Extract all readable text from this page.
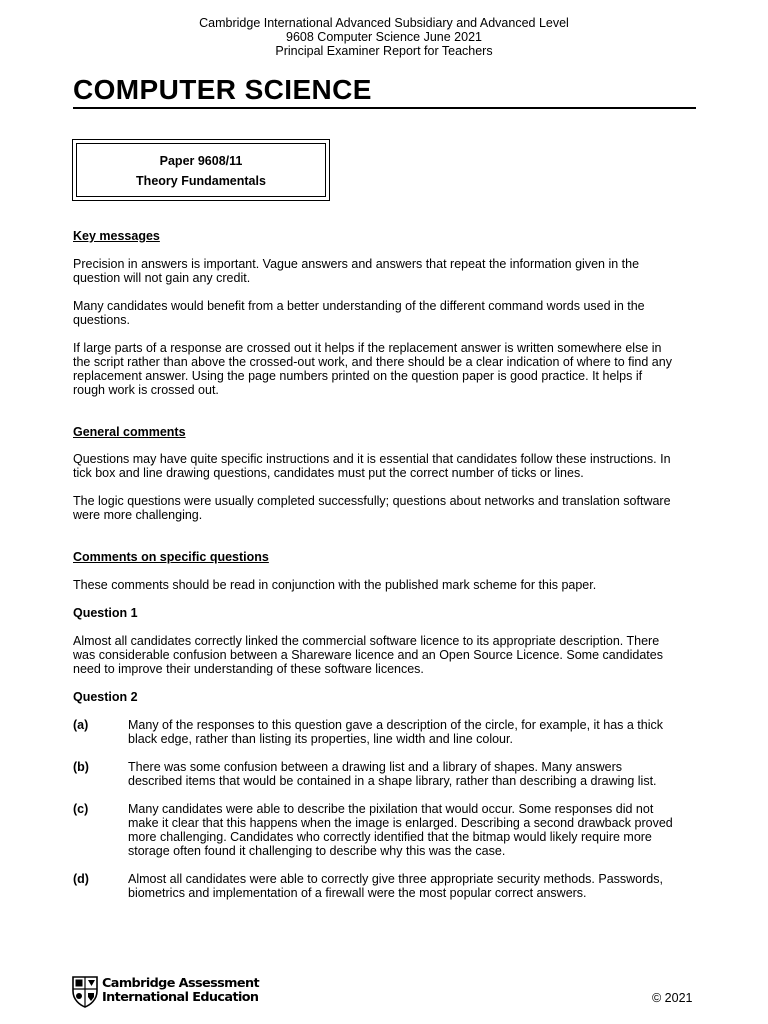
Cambridge International Advanced Subsidiary and Advanced Level
9608 Computer Science June 2021
Principal Examiner Report for Teachers
COMPUTER SCIENCE
Paper 9608/11
Theory Fundamentals
Key messages
Precision in answers is important. Vague answers and answers that repeat the information given in the
question will not gain any credit.
Many candidates would benefit from a better understanding of the different command words used in the
questions.
If large parts of a response are crossed out it helps if the replacement answer is written somewhere else in
the script rather than above the crossed-out work, and there should be a clear indication of where to find any
replacement answer. Using the page numbers printed on the question paper is good practice. It helps if
rough work is crossed out.
General comments
Questions may have quite specific instructions and it is essential that candidates follow these instructions. In
tick box and line drawing questions, candidates must put the correct number of ticks or lines.
The logic questions were usually completed successfully; questions about networks and translation software
were more challenging.
Comments on specific questions
These comments should be read in conjunction with the published mark scheme for this paper.
Question 1
Almost all candidates correctly linked the commercial software licence to its appropriate description. There
was considerable confusion between a Shareware licence and an Open Source Licence. Some candidates
need to improve their understanding of these software licences.
Question 2
(a)	Many of the responses to this question gave a description of the circle, for example, it has a thick
black edge, rather than listing its properties, line width and line colour.
(b)	There was some confusion between a drawing list and a library of shapes. Many answers
described items that would be contained in a shape library, rather than describing a drawing list.
(c)	Many candidates were able to describe the pixilation that would occur. Some responses did not
make it clear that this happens when the image is enlarged. Describing a second drawback proved
more challenging. Candidates who correctly identified that the bitmap would likely require more
storage often found it challenging to describe why this was the case.
(d)	Almost all candidates were able to correctly give three appropriate security methods. Passwords,
biometrics and implementation of a firewall were the most popular correct answers.
Cambridge Assessment
International Education	© 2021
